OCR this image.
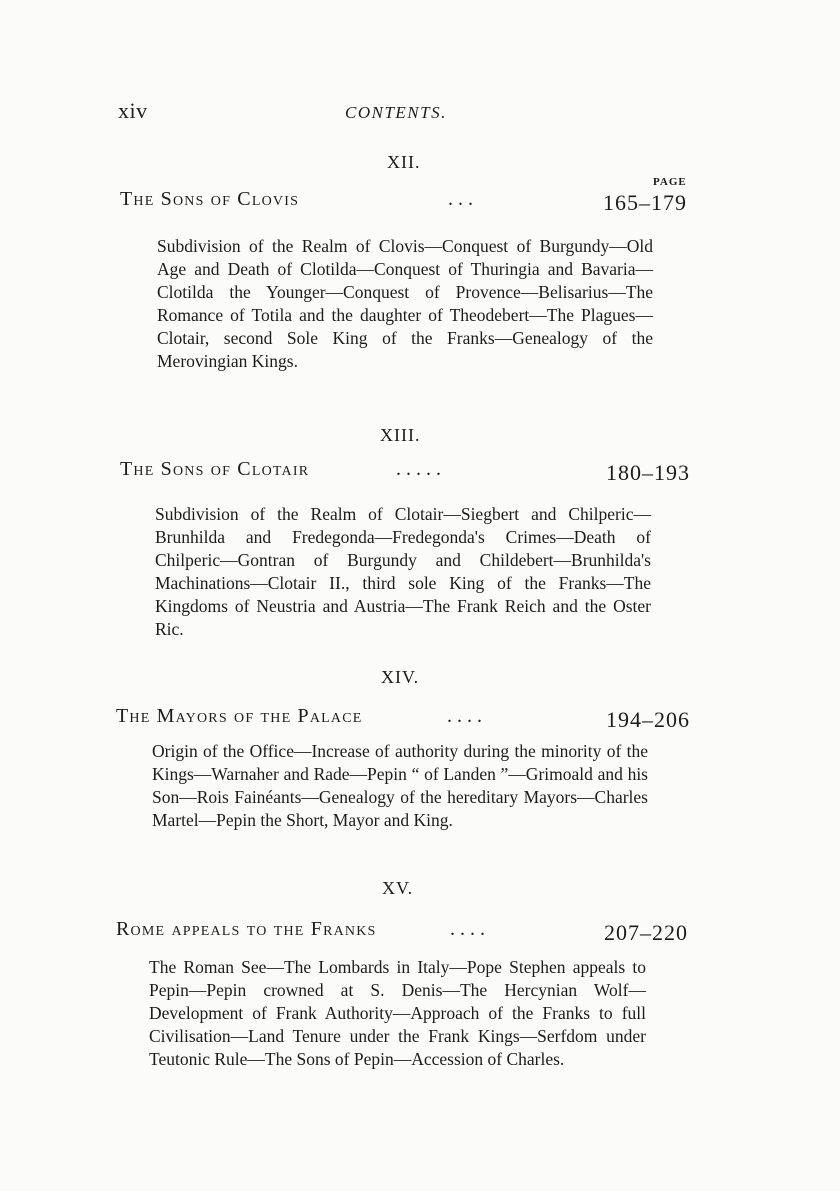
xiv	CONTENTS.
XII.
PAGE
The Sons of Clovis	. . .	165–179
Subdivision of the Realm of Clovis—Conquest of Burgundy—Old Age and Death of Clotilda—Conquest of Thuringia and Bavaria—Clotilda the Younger—Conquest of Provence—Belisarius—The Romance of Totila and the daughter of Theodebert—The Plagues—Clotair, second Sole King of the Franks—Genealogy of the Merovingian Kings.
XIII.
The Sons of Clotair	. . . . .	180–193
Subdivision of the Realm of Clotair—Siegbert and Chilperic—Brunhilda and Fredegonda—Fredegonda's Crimes—Death of Chilperic—Gontran of Burgundy and Childebert—Brunhilda's Machinations—Clotair II., third sole King of the Franks—The Kingdoms of Neustria and Austria—The Frank Reich and the Oster Ric.
XIV.
The Mayors of the Palace	. . . .	194–206
Origin of the Office—Increase of authority during the minority of the Kings—Warnaher and Rade—Pepin “ of Landen ”—Grimoald and his Son—Rois Fainéants—Genealogy of the hereditary Mayors—Charles Martel—Pepin the Short, Mayor and King.
XV.
Rome appeals to the Franks	. . . .	207–220
The Roman See—The Lombards in Italy—Pope Stephen appeals to Pepin—Pepin crowned at S. Denis—The Hercynian Wolf—Development of Frank Authority—Approach of the Franks to full Civilisation—Land Tenure under the Frank Kings—Serfdom under Teutonic Rule—The Sons of Pepin—Accession of Charles.
